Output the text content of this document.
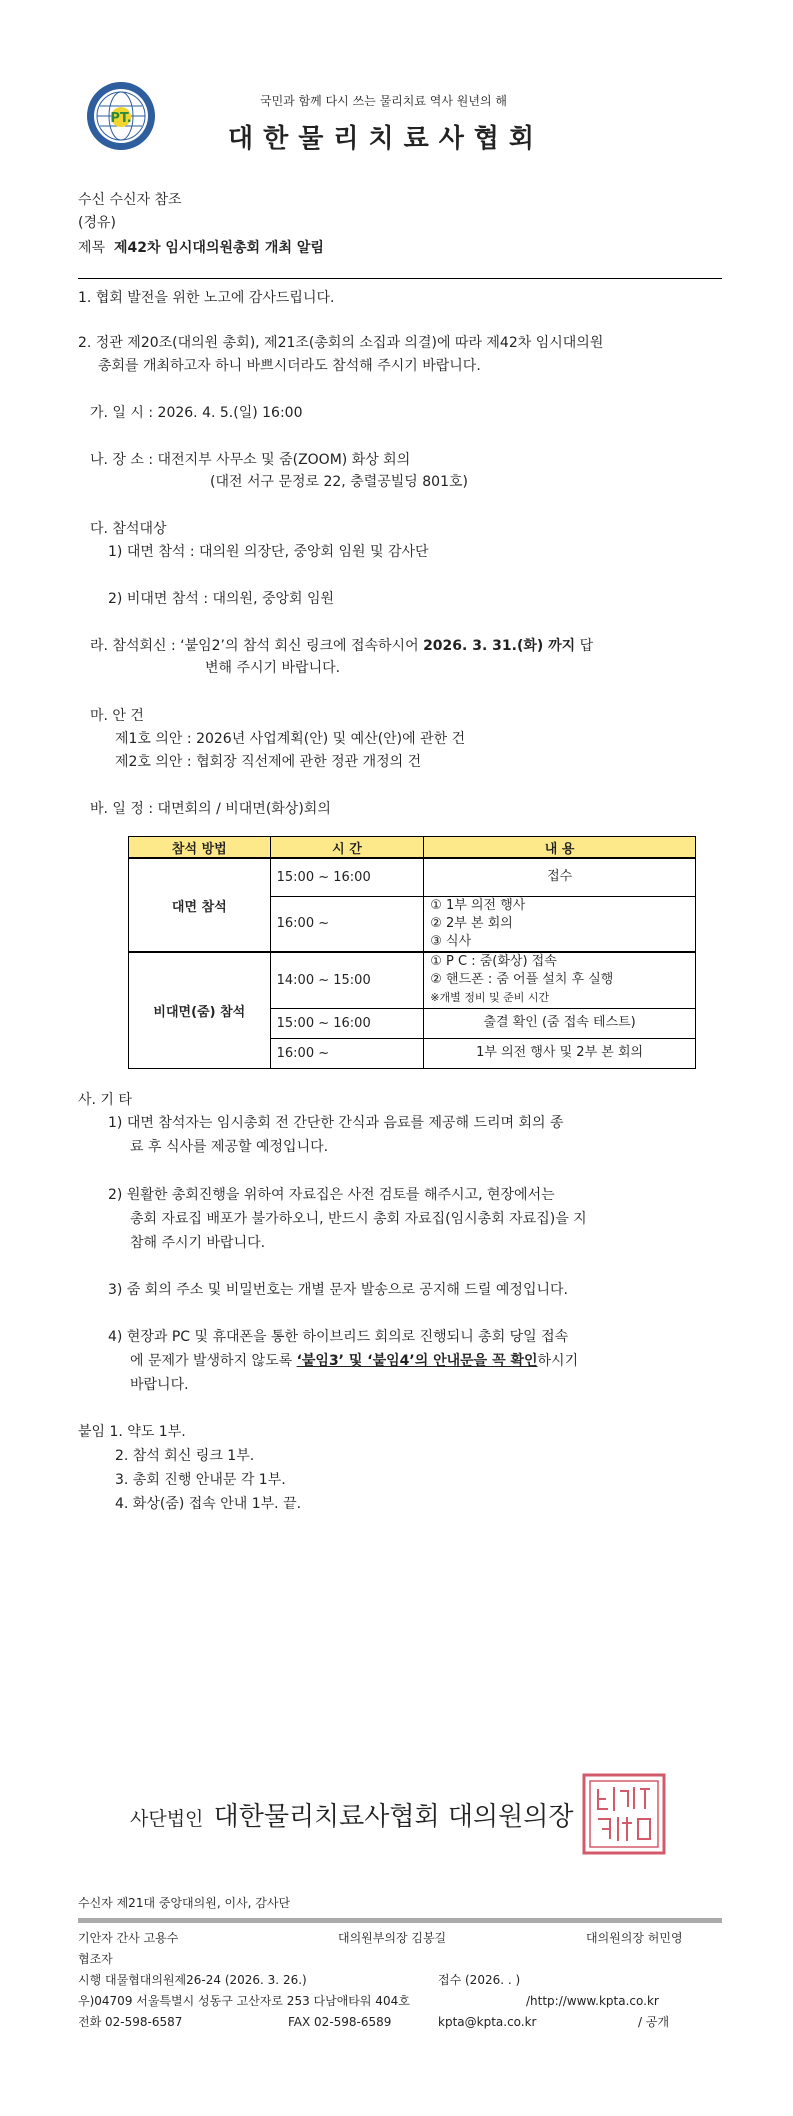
PT.
국민과 함께 다시 쓰는 물리치료 역사 원년의 해
대한물리치료사협회
수신 수신자 참조
(경유)
제목 제42차 임시대의원총회 개최 알림
1. 협회 발전을 위한 노고에 감사드립니다.
2. 정관 제20조(대의원 총회), 제21조(총회의 소집과 의결)에 따라 제42차 임시대의원
총회를 개최하고자 하니 바쁘시더라도 참석해 주시기 바랍니다.
가. 일 시 : 2026. 4. 5.(일) 16:00
나. 장 소 : 대전지부 사무소 및 줌(ZOOM) 화상 회의
(대전 서구 문정로 22, 충렬공빌딩 801호)
다. 참석대상
1) 대면 참석 : 대의원 의장단, 중앙회 임원 및 감사단
2) 비대면 참석 : 대의원, 중앙회 임원
라. 참석회신 : ‘붙임2’의 참석 회신 링크에 접속하시어 2026. 3. 31.(화) 까지 답
변해 주시기 바랍니다.
마. 안 건
제1호 의안 : 2026년 사업계획(안) 및 예산(안)에 관한 건
제2호 의안 : 협회장 직선제에 관한 정관 개정의 건
바. 일 정 : 대면회의 / 비대면(화상)회의
참석 방법	시 간	내 용
대면 참석	15:00 ~ 16:00	접수

	16:00 ~	① 1부 의전 행사
② 2부 본 회의
③ 식사

비대면(줌) 참석	14:00 ~ 15:00	① P C : 줌(화상) 접속
② 핸드폰 : 줌 어플 설치 후 실행
※개별 정비 및 준비 시간

	15:00 ~ 16:00	출결 확인 (줌 접속 테스트)

	16:00 ~	1부 의전 행사 및 2부 본 회의
사. 기 타
1) 대면 참석자는 임시총회 전 간단한 간식과 음료를 제공해 드리며 회의 종
료 후 식사를 제공할 예정입니다.
2) 원활한 총회진행을 위하여 자료집은 사전 검토를 해주시고, 현장에서는
총회 자료집 배포가 불가하오니, 반드시 총회 자료집(임시총회 자료집)을 지
참해 주시기 바랍니다.
3) 줌 회의 주소 및 비밀번호는 개별 문자 발송으로 공지해 드릴 예정입니다.
4) 현장과 PC 및 휴대폰을 통한 하이브리드 회의로 진행되니 총회 당일 접속
에 문제가 발생하지 않도록 ‘붙임3’ 및 ‘붙임4’의 안내문을 꼭 확인하시기
바랍니다.
붙임 1. 약도 1부.
2. 참석 회신 링크 1부.
3. 총회 진행 안내문 각 1부.
4. 화상(줌) 접속 안내 1부. 끝.
사단법인 대한물리치료사협회 대의원의장
수신자 제21대 중앙대의원, 이사, 감사단
기안자 간사 고용수	대의원부의장 김봉길	대의원의장 허민영
협조자
시행 대물협대의원제26-24 (2026. 3. 26.)	접수 (2026. . )
우)04709 서울특별시 성동구 고산자로 253 다남애타워 404호	/http://www.kpta.co.kr
전화 02-598-6587	FAX 02-598-6589	kpta@kpta.co.kr	/ 공개
